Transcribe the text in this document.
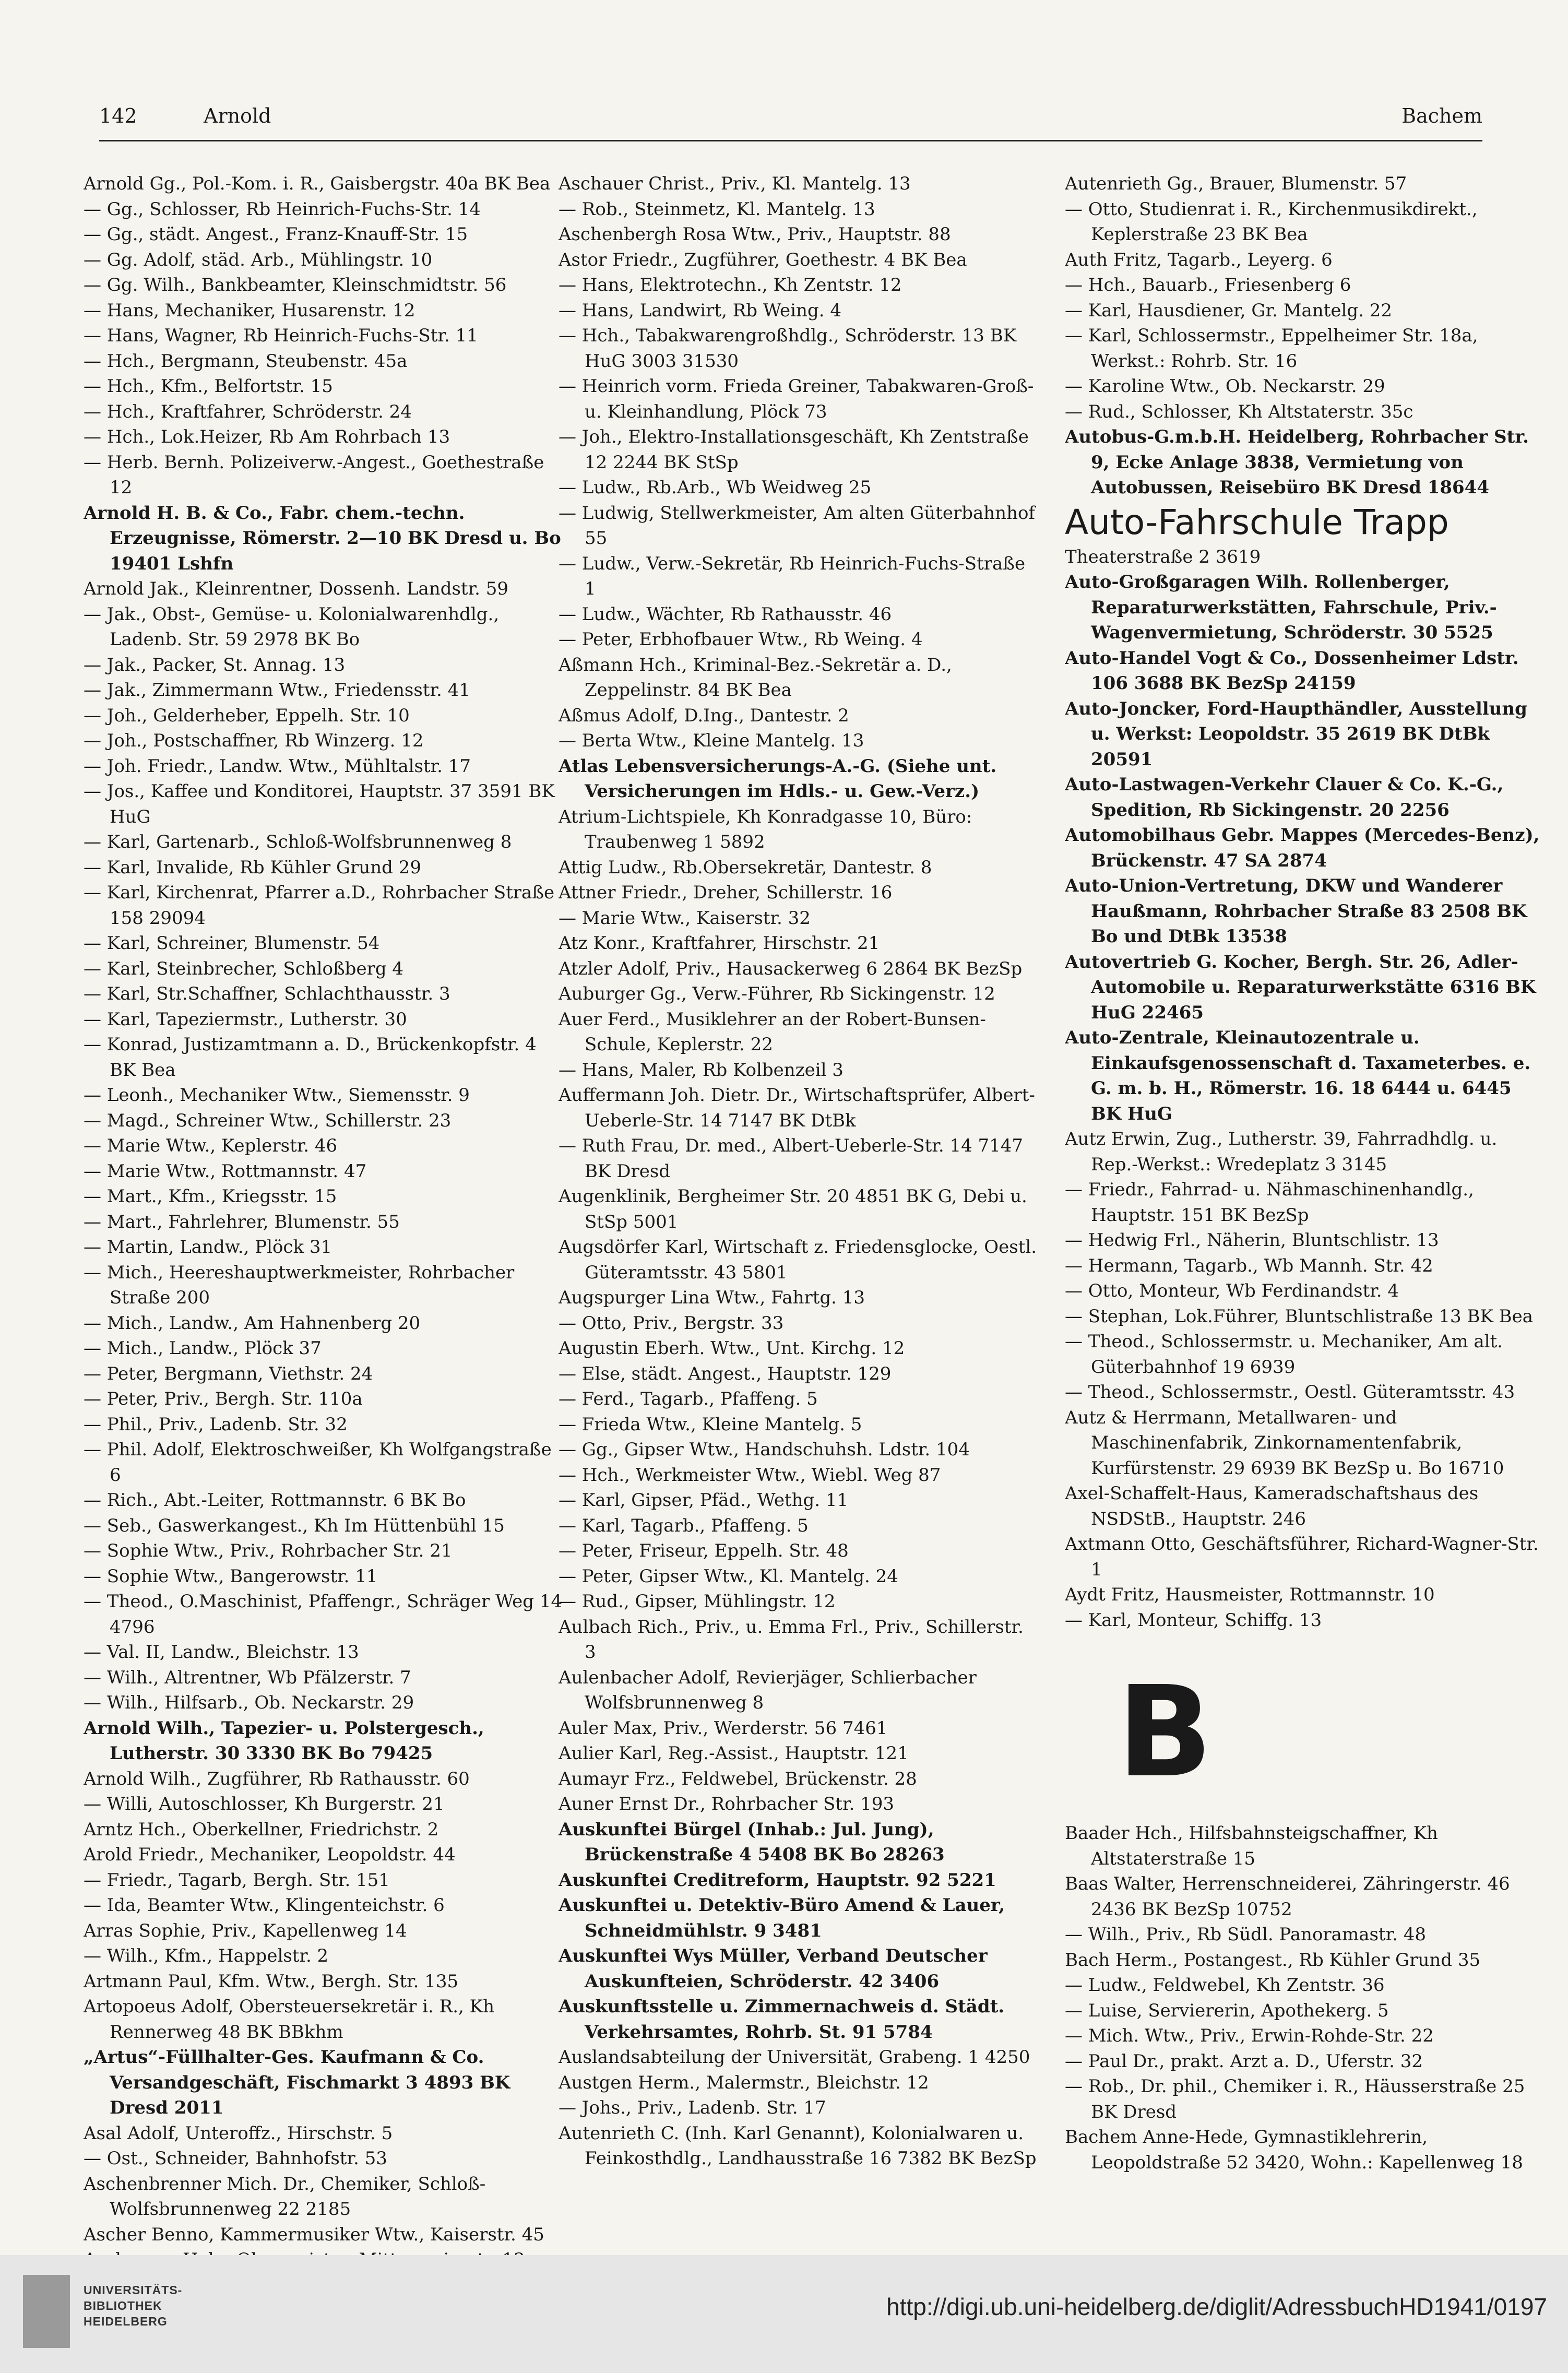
142	Arnold	Bachem
Arnold Gg., Pol.-Kom. i. R., Gaisbergstr. 40a BK Bea
— Gg., Schlosser, Rb Heinrich-Fuchs-Str. 14
— Gg., städt. Angest., Franz-Knauff-Str. 15
— Gg. Adolf, städ. Arb., Mühlingstr. 10
— Gg. Wilh., Bankbeamter, Kleinschmidtstr. 56
— Hans, Mechaniker, Husarenstr. 12
— Hans, Wagner, Rb Heinrich-Fuchs-Str. 11
— Hch., Bergmann, Steubenstr. 45a
— Hch., Kfm., Belfortstr. 15
— Hch., Kraftfahrer, Schröderstr. 24
— Hch., Lok.Heizer, Rb Am Rohrbach 13
— Herb. Bernh. Polizeiverw.-Angest., Goethestraße 12
Arnold H. B. & Co., Fabr. chem.-techn. Erzeugnisse, Römerstr. 2—10 BK Dresd u. Bo 19401 Lshfn
Arnold Jak., Kleinrentner, Dossenh. Landstr. 59
— Jak., Obst-, Gemüse- u. Kolonialwarenhdlg., Ladenb. Str. 59 2978 BK Bo
— Jak., Packer, St. Annag. 13
— Jak., Zimmermann Wtw., Friedensstr. 41
— Joh., Gelderheber, Eppelh. Str. 10
— Joh., Postschaffner, Rb Winzerg. 12
— Joh. Friedr., Landw. Wtw., Mühltalstr. 17
— Jos., Kaffee und Konditorei, Hauptstr. 37 3591 BK HuG
— Karl, Gartenarb., Schloß-Wolfsbrunnenweg 8
— Karl, Invalide, Rb Kühler Grund 29
— Karl, Kirchenrat, Pfarrer a.D., Rohrbacher Straße 158 29094
— Karl, Schreiner, Blumenstr. 54
— Karl, Steinbrecher, Schloßberg 4
— Karl, Str.Schaffner, Schlachthausstr. 3
— Karl, Tapeziermstr., Lutherstr. 30
— Konrad, Justizamtmann a. D., Brückenkopfstr. 4 BK Bea
— Leonh., Mechaniker Wtw., Siemensstr. 9
— Magd., Schreiner Wtw., Schillerstr. 23
— Marie Wtw., Keplerstr. 46
— Marie Wtw., Rottmannstr. 47
— Mart., Kfm., Kriegsstr. 15
— Mart., Fahrlehrer, Blumenstr. 55
— Martin, Landw., Plöck 31
— Mich., Heereshauptwerkmeister, Rohrbacher Straße 200
— Mich., Landw., Am Hahnenberg 20
— Mich., Landw., Plöck 37
— Peter, Bergmann, Viethstr. 24
— Peter, Priv., Bergh. Str. 110a
— Phil., Priv., Ladenb. Str. 32
— Phil. Adolf, Elektroschweißer, Kh Wolfgangstraße 6
— Rich., Abt.-Leiter, Rottmannstr. 6 BK Bo
— Seb., Gaswerkangest., Kh Im Hüttenbühl 15
— Sophie Wtw., Priv., Rohrbacher Str. 21
— Sophie Wtw., Bangerowstr. 11
— Theod., O.Maschinist, Pfaffengr., Schräger Weg 14 4796
— Val. II, Landw., Bleichstr. 13
— Wilh., Altrentner, Wb Pfälzerstr. 7
— Wilh., Hilfsarb., Ob. Neckarstr. 29
Arnold Wilh., Tapezier- u. Polstergesch., Lutherstr. 30 3330 BK Bo 79425
Arnold Wilh., Zugführer, Rb Rathausstr. 60
— Willi, Autoschlosser, Kh Burgerstr. 21
Arntz Hch., Oberkellner, Friedrichstr. 2
Arold Friedr., Mechaniker, Leopoldstr. 44
— Friedr., Tagarb, Bergh. Str. 151
— Ida, Beamter Wtw., Klingenteichstr. 6
Arras Sophie, Priv., Kapellenweg 14
— Wilh., Kfm., Happelstr. 2
Artmann Paul, Kfm. Wtw., Bergh. Str. 135
Artopoeus Adolf, Obersteuersekretär i. R., Kh Rennerweg 48 BK BBkhm
„Artus“-Füllhalter-Ges. Kaufmann & Co. Versandgeschäft, Fischmarkt 3 4893 BK Dresd 2011
Asal Adolf, Unteroffz., Hirschstr. 5
— Ost., Schneider, Bahnhofstr. 53
Aschenbrenner Mich. Dr., Chemiker, Schloß-Wolfsbrunnenweg 22 2185
Ascher Benno, Kammermusiker Wtw., Kaiserstr. 45
Aschauer Christ., Priv., Kl. Mantelg. 13
— Rob., Steinmetz, Kl. Mantelg. 13
Aschenbergh Rosa Wtw., Priv., Hauptstr. 88
Astor Friedr., Zugführer, Goethestr. 4 BK Bea
— Hans, Elektrotechn., Kh Zentstr. 12
— Hans, Landwirt, Rb Weing. 4
— Hch., Tabakwarengroßhdlg., Schröderstr. 13 BK HuG 3003 31530
— Heinrich vorm. Frieda Greiner, Tabakwaren-Groß- u. Kleinhandlung, Plöck 73
— Joh., Elektro-Installationsgeschäft, Kh Zentstraße 12 2244 BK StSp
— Ludw., Rb.Arb., Wb Weidweg 25
— Ludwig, Stellwerkmeister, Am alten Güterbahnhof 55
— Ludw., Verw.-Sekretär, Rb Heinrich-Fuchs-Straße 1
— Ludw., Wächter, Rb Rathausstr. 46
— Peter, Erbhofbauer Wtw., Rb Weing. 4
Aßmann Hch., Kriminal-Bez.-Sekretär a. D., Zeppelinstr. 84 BK Bea
Aßmus Adolf, D.Ing., Dantestr. 2
— Berta Wtw., Kleine Mantelg. 13
Atlas Lebensversicherungs-A.-G. (Siehe unt. Versicherungen im Hdls.- u. Gew.-Verz.)
Atrium-Lichtspiele, Kh Konradgasse 10, Büro: Traubenweg 1 5892
Attig Ludw., Rb.Obersekretär, Dantestr. 8
Attner Friedr., Dreher, Schillerstr. 16
— Marie Wtw., Kaiserstr. 32
Atz Konr., Kraftfahrer, Hirschstr. 21
Atzler Adolf, Priv., Hausackerweg 6 2864 BK BezSp
Auburger Gg., Verw.-Führer, Rb Sickingenstr. 12
Auer Ferd., Musiklehrer an der Robert-Bunsen-Schule, Keplerstr. 22
— Hans, Maler, Rb Kolbenzeil 3
Auffermann Joh. Dietr. Dr., Wirtschaftsprüfer, Albert-Ueberle-Str. 14 7147 BK DtBk
— Ruth Frau, Dr. med., Albert-Ueberle-Str. 14 7147 BK Dresd
Augenklinik, Bergheimer Str. 20 4851 BK G, Debi u. StSp 5001
Augsdörfer Karl, Wirtschaft z. Friedensglocke, Oestl. Güteramtsstr. 43 5801
Augspurger Lina Wtw., Fahrtg. 13
— Otto, Priv., Bergstr. 33
Augustin Eberh. Wtw., Unt. Kirchg. 12
— Else, städt. Angest., Hauptstr. 129
— Ferd., Tagarb., Pfaffeng. 5
— Frieda Wtw., Kleine Mantelg. 5
— Gg., Gipser Wtw., Handschuhsh. Ldstr. 104
— Hch., Werkmeister Wtw., Wiebl. Weg 87
— Karl, Gipser, Pfäd., Wethg. 11
— Karl, Tagarb., Pfaffeng. 5
— Peter, Friseur, Eppelh. Str. 48
— Peter, Gipser Wtw., Kl. Mantelg. 24
— Rud., Gipser, Mühlingstr. 12
Aulbach Rich., Priv., u. Emma Frl., Priv., Schillerstr. 3
Aulenbacher Adolf, Revierjäger, Schlierbacher Wolfsbrunnenweg 8
Auler Max, Priv., Werderstr. 56 7461
Aulier Karl, Reg.-Assist., Hauptstr. 121
Aumayr Frz., Feldwebel, Brückenstr. 28
Auner Ernst Dr., Rohrbacher Str. 193
Auskunftei Bürgel (Inhab.: Jul. Jung), Brückenstraße 4 5408 BK Bo 28263
Auskunftei Creditreform, Hauptstr. 92 5221
Auskunftei u. Detektiv-Büro Amend & Lauer, Schneidmühlstr. 9 3481
Auskunftei Wys Müller, Verband Deutscher Auskunfteien, Schröderstr. 42 3406
Auskunftsstelle u. Zimmernachweis d. Städt. Verkehrsamtes, Rohrb. St. 91 5784
Auslandsabteilung der Universität, Grabeng. 1 4250
Austgen Herm., Malermstr., Bleichstr. 12
— Johs., Priv., Ladenb. Str. 17
Autenrieth C. (Inh. Karl Genannt), Kolonialwaren u. Feinkosthdlg., Landhausstraße 16 7382 BK BezSp
Autenrieth Gg., Brauer, Blumenstr. 57
— Otto, Studienrat i. R., Kirchenmusikdirekt., Keplerstraße 23 BK Bea
Auth Fritz, Tagarb., Leyerg. 6
— Hch., Bauarb., Friesenberg 6
— Karl, Hausdiener, Gr. Mantelg. 22
— Karl, Schlossermstr., Eppelheimer Str. 18a, Werkst.: Rohrb. Str. 16
— Karoline Wtw., Ob. Neckarstr. 29
— Rud., Schlosser, Kh Altstaterstr. 35c
Autobus-G.m.b.H. Heidelberg, Rohrbacher Str. 9, Ecke Anlage 3838, Vermietung von Autobussen, Reisebüro BK Dresd 18644
Auto-Fahrschule Trapp
Theaterstraße 2 3619
Auto-Großgaragen Wilh. Rollenberger, Reparaturwerkstätten, Fahrschule, Priv.-Wagenvermietung, Schröderstr. 30 5525
Auto-Handel Vogt & Co., Dossenheimer Ldstr. 106 3688 BK BezSp 24159
Auto-Joncker, Ford-Haupthändler, Ausstellung u. Werkst: Leopoldstr. 35 2619 BK DtBk 20591
Auto-Lastwagen-Verkehr Clauer & Co. K.-G., Spedition, Rb Sickingenstr. 20 2256
Automobilhaus Gebr. Mappes (Mercedes-Benz), Brückenstr. 47 SA 2874
Auto-Union-Vertretung, DKW und Wanderer Haußmann, Rohrbacher Straße 83 2508 BK Bo und DtBk 13538
Autovertrieb G. Kocher, Bergh. Str. 26, Adler-Automobile u. Reparaturwerkstätte 6316 BK HuG 22465
Auto-Zentrale, Kleinautozentrale u. Einkaufsgenossenschaft d. Taxameterbes. e. G. m. b. H., Römerstr. 16. 18 6444 u. 6445 BK HuG
Autz Erwin, Zug., Lutherstr. 39, Fahrradhdlg. u. Rep.-Werkst.: Wredeplatz 3 3145
— Friedr., Fahrrad- u. Nähmaschinenhandlg., Hauptstr. 151 BK BezSp
— Hedwig Frl., Näherin, Bluntschlistr. 13
— Hermann, Tagarb., Wb Mannh. Str. 42
— Otto, Monteur, Wb Ferdinandstr. 4
— Stephan, Lok.Führer, Bluntschlistraße 13 BK Bea
— Theod., Schlossermstr. u. Mechaniker, Am alt. Güterbahnhof 19 6939
— Theod., Schlossermstr., Oestl. Güteramtsstr. 43
Autz & Herrmann, Metallwaren- und Maschinenfabrik, Zinkornamentenfabrik, Kurfürstenstr. 29 6939 BK BezSp u. Bo 16710
Axel-Schaffelt-Haus, Kameradschaftshaus des NSDStB., Hauptstr. 246
Axtmann Otto, Geschäftsführer, Richard-Wagner-Str. 1
Aydt Fritz, Hausmeister, Rottmannstr. 10
— Karl, Monteur, Schiffg. 13
B
Baader Hch., Hilfsbahnsteigschaffner, Kh Altstaterstraße 15
Baas Walter, Herrenschneiderei, Zähringerstr. 46 2436 BK BezSp 10752
— Wilh., Priv., Rb Südl. Panoramastr. 48
Bach Herm., Postangest., Rb Kühler Grund 35
— Ludw., Feldwebel, Kh Zentstr. 36
— Luise, Serviererin, Apothekerg. 5
— Mich. Wtw., Priv., Erwin-Rohde-Str. 22
— Paul Dr., prakt. Arzt a. D., Uferstr. 32
— Rob., Dr. phil., Chemiker i. R., Häusserstraße 25 BK Dresd
Bachem Anne-Hede, Gymnastiklehrerin, Leopoldstraße 52 3420, Wohn.: Kapellenweg 18
UNIVERSITÄTS-
BIBLIOTHEK
HEIDELBERG
http://digi.ub.uni-heidelberg.de/diglit/AdressbuchHD1941/0197
